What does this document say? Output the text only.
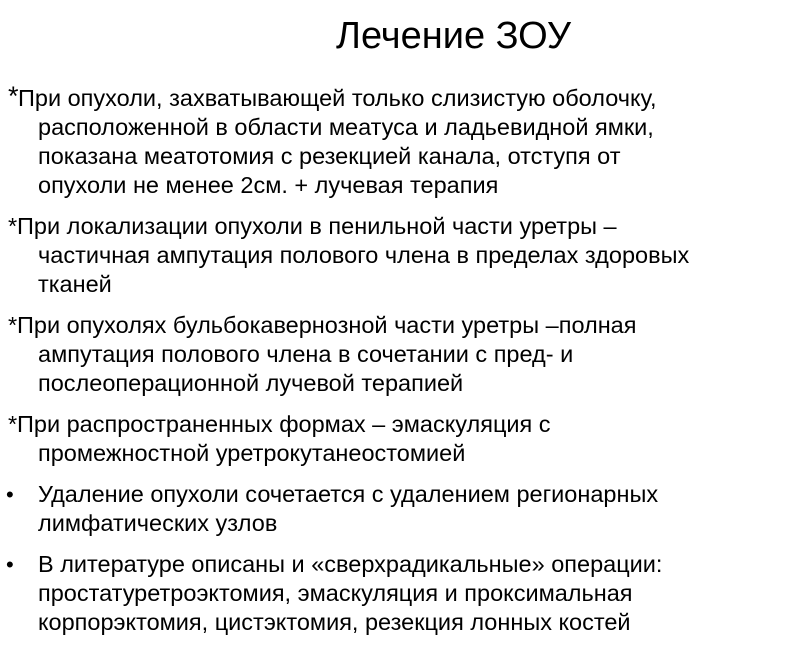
Лечение ЗОУ
* При опухоли, захватывающей только слизистую оболочку,
расположенной в области меатуса и ладьевидной ямки,
показана меатотомия с резекцией канала, отступя от
опухоли не менее 2см. + лучевая терапия
* При локализации опухоли в пенильной части уретры –
частичная ампутация полового члена в пределах здоровых
тканей
* При опухолях бульбокавернозной части уретры –полная
ампутация полового члена в сочетании с пред- и
послеоперационной лучевой терапией
* При распространенных формах – эмаскуляция с
промежностной уретрокутанеостомией
• Удаление опухоли сочетается с удалением регионарных
лимфатических узлов
• В литературе описаны и «сверхрадикальные» операции:
простатуретроэктомия, эмаскуляция и проксимальная
корпорэктомия, цистэктомия, резекция лонных костей
